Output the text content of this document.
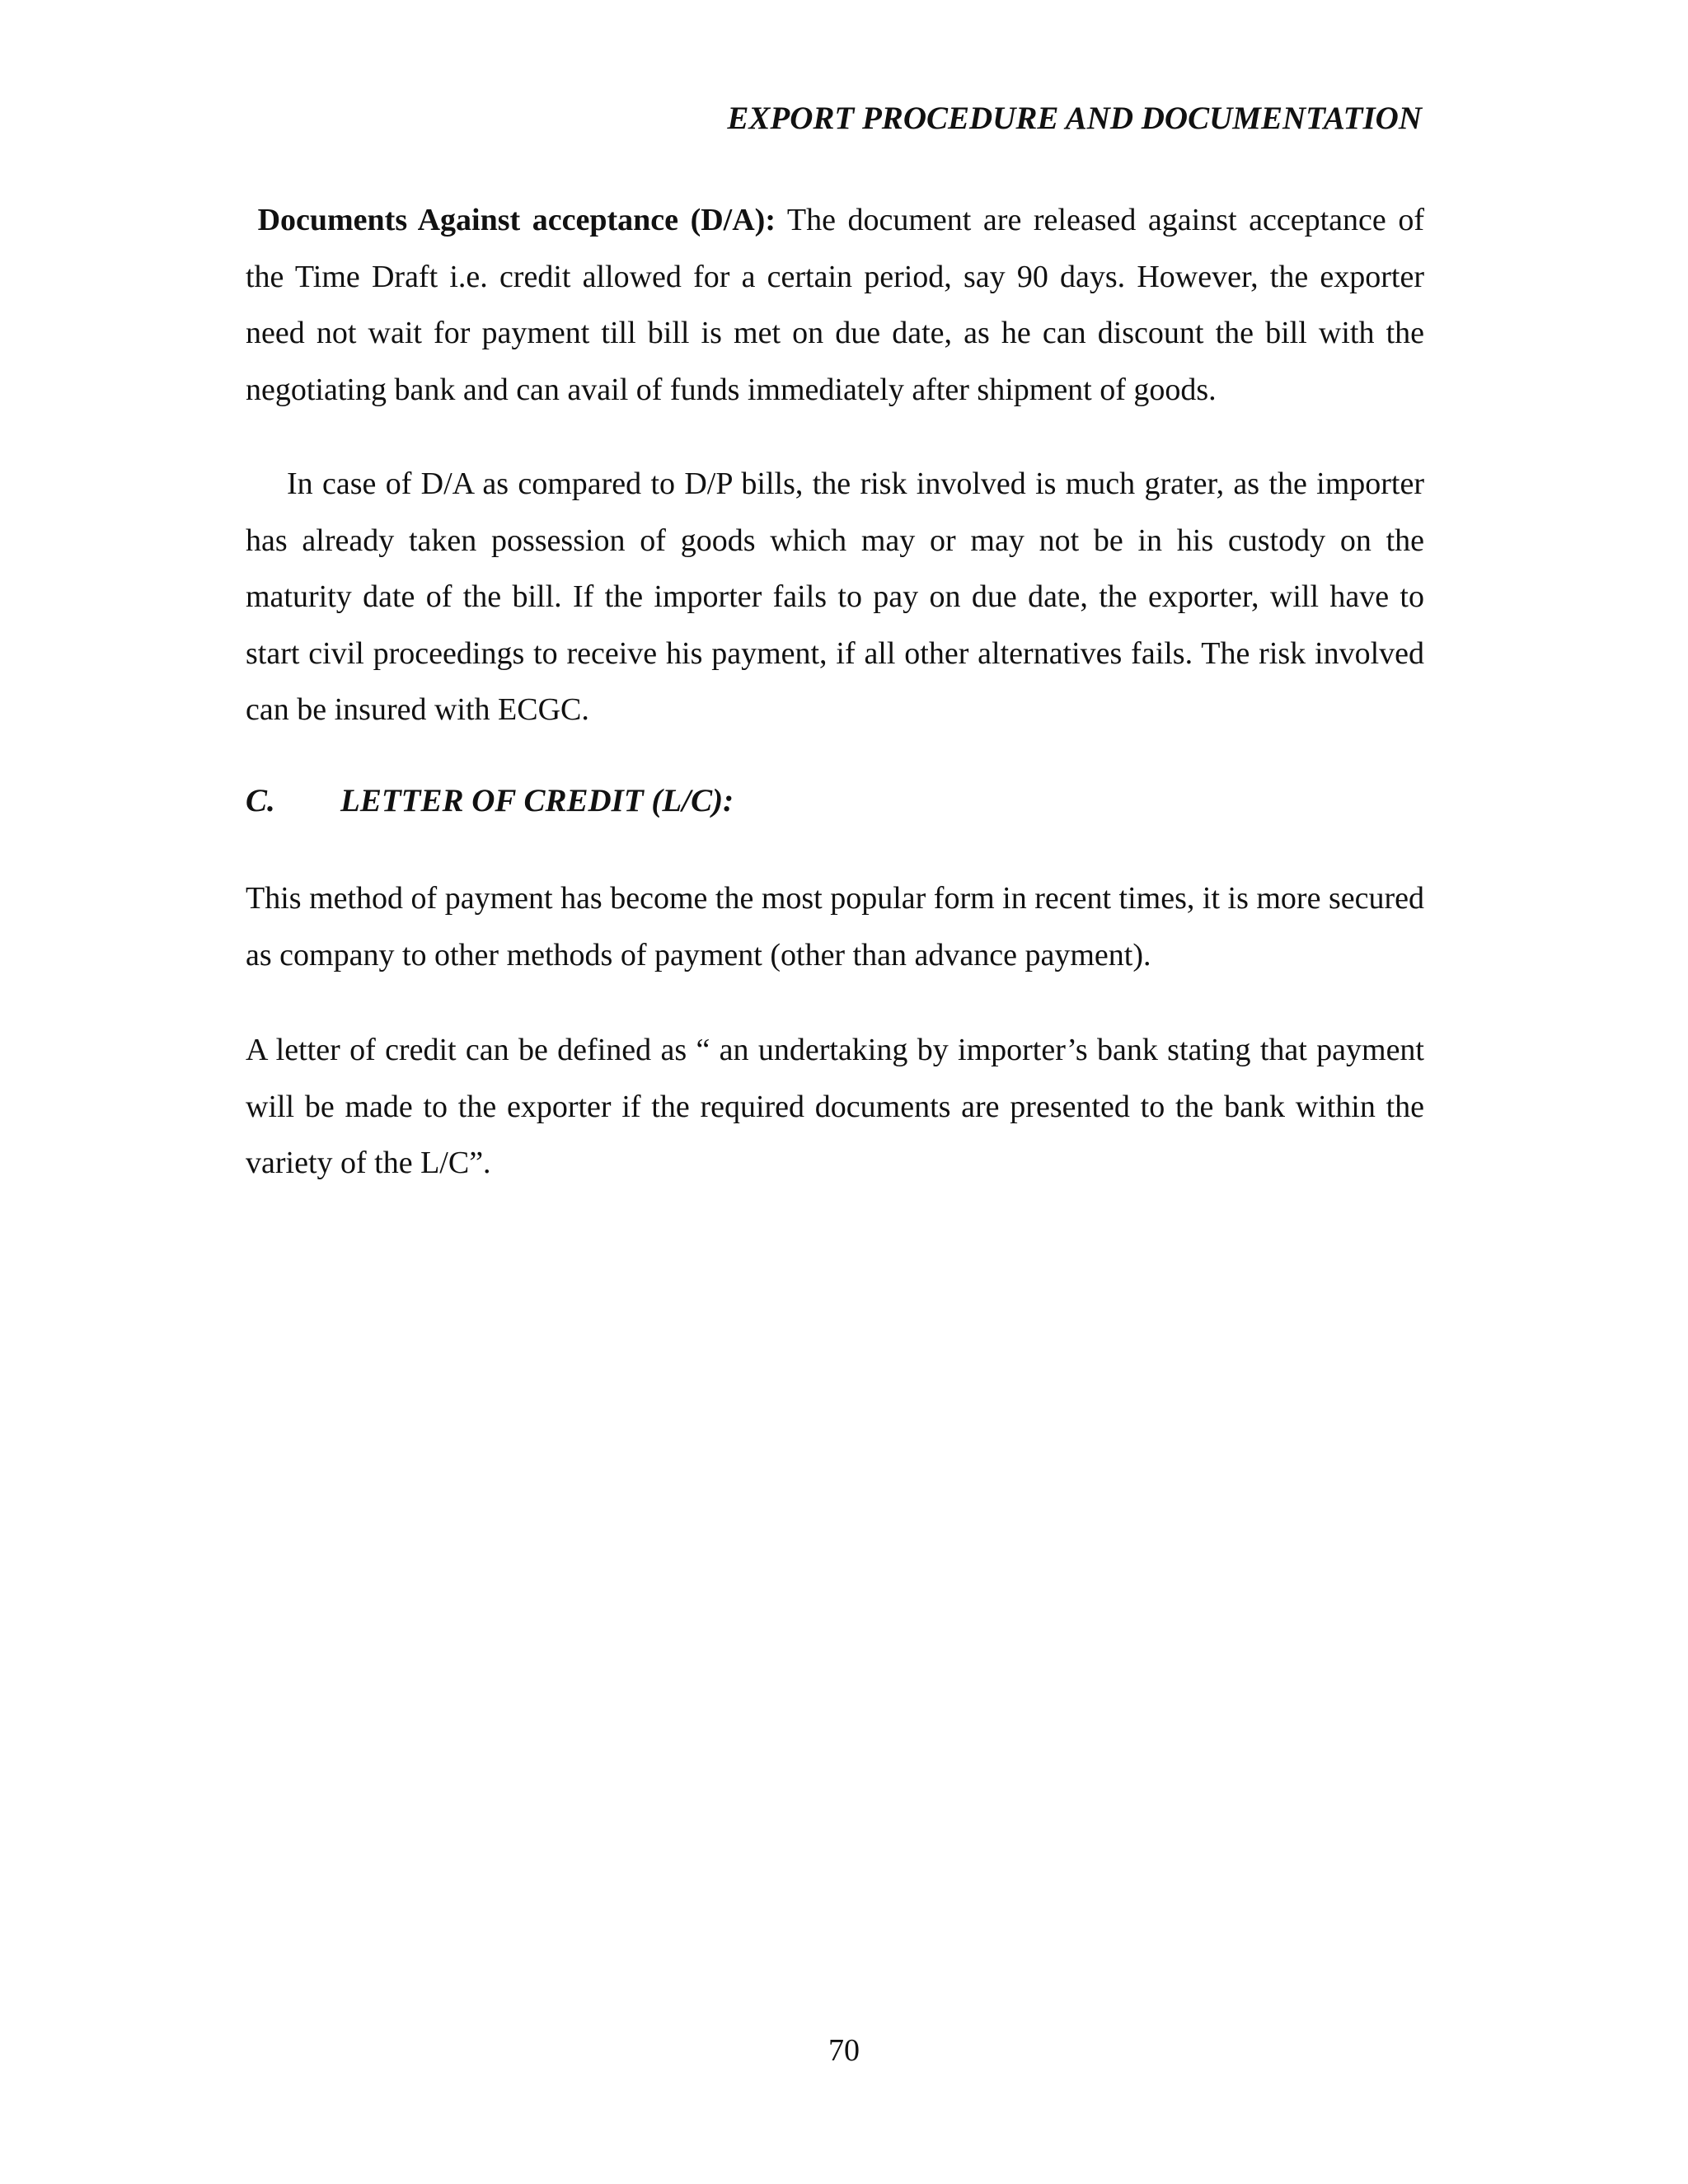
EXPORT PROCEDURE AND DOCUMENTATION

Documents Against acceptance (D/A): The document are released against acceptance of the Time Draft i.e. credit allowed for a certain period, say 90 days. However, the exporter need not wait for payment till bill is met on due date, as he can discount the bill with the negotiating bank and can avail of funds immediately after shipment of goods.

In case of D/A as compared to D/P bills, the risk involved is much grater, as the importer has already taken possession of goods which may or may not be in his custody on the maturity date of the bill. If the importer fails to pay on due date, the exporter, will have to start civil proceedings to receive his payment, if all other alternatives fails. The risk involved can be insured with ECGC.

C. LETTER OF CREDIT (L/C):

This method of payment has become the most popular form in recent times, it is more secured as company to other methods of payment (other than advance payment).

A letter of credit can be defined as “ an undertaking by importer’s bank stating that payment will be made to the exporter if the required documents are presented to the bank within the variety of the L/C”.

70
